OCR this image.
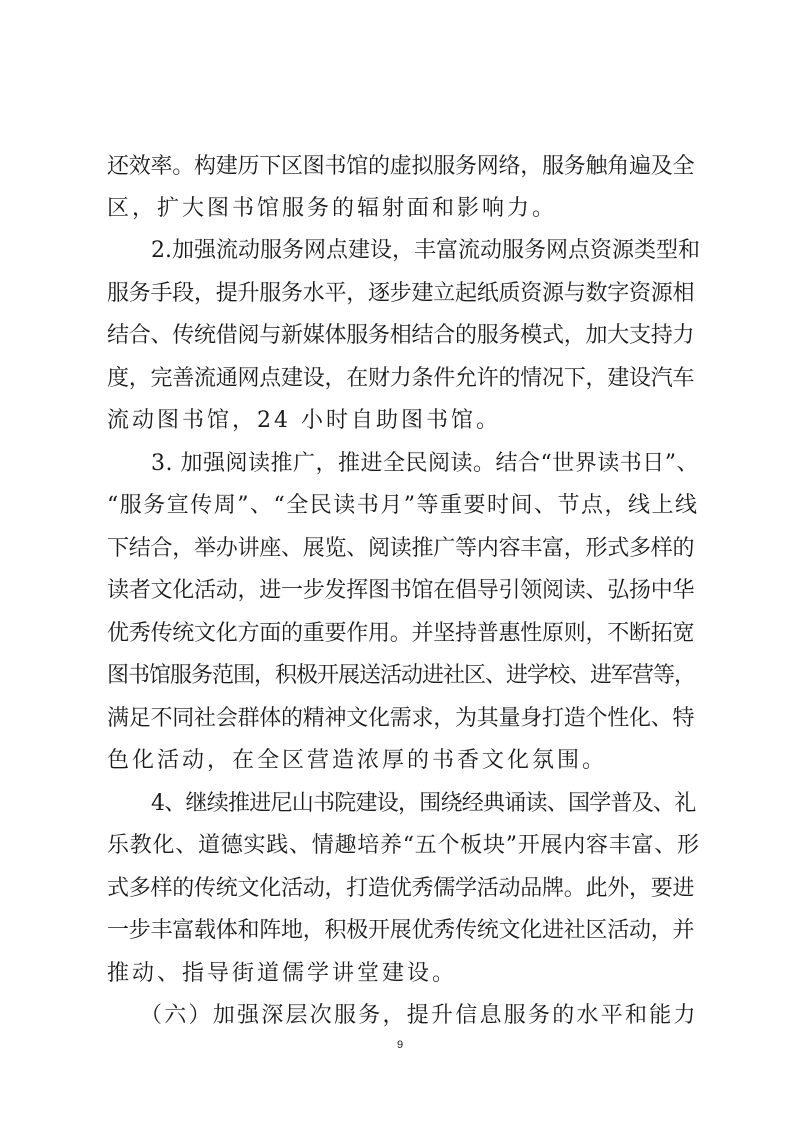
还效率。构建历下区图书馆的虚拟服务网络，服务触角遍及全
区，扩大图书馆服务的辐射面和影响力。
2.加强流动服务网点建设，丰富流动服务网点资源类型和
服务手段，提升服务水平，逐步建立起纸质资源与数字资源相
结合、传统借阅与新媒体服务相结合的服务模式，加大支持力
度，完善流通网点建设，在财力条件允许的情况下，建设汽车
流动图书馆，24 小时自助图书馆。
3. 加强阅读推广，推进全民阅读。结合“世界读书日”、
“服务宣传周”、“全民读书月”等重要时间、节点，线上线
下结合，举办讲座、展览、阅读推广等内容丰富，形式多样的
读者文化活动，进一步发挥图书馆在倡导引领阅读、弘扬中华
优秀传统文化方面的重要作用。并坚持普惠性原则，不断拓宽
图书馆服务范围，积极开展送活动进社区、进学校、进军营等，
满足不同社会群体的精神文化需求，为其量身打造个性化、特
色化活动，在全区营造浓厚的书香文化氛围。
4、继续推进尼山书院建设，围绕经典诵读、国学普及、礼
乐教化、道德实践、情趣培养“五个板块”开展内容丰富、形
式多样的传统文化活动，打造优秀儒学活动品牌。此外，要进
一步丰富载体和阵地，积极开展优秀传统文化进社区活动，并
推动、指导街道儒学讲堂建设。
（六）加强深层次服务，提升信息服务的水平和能力
9
